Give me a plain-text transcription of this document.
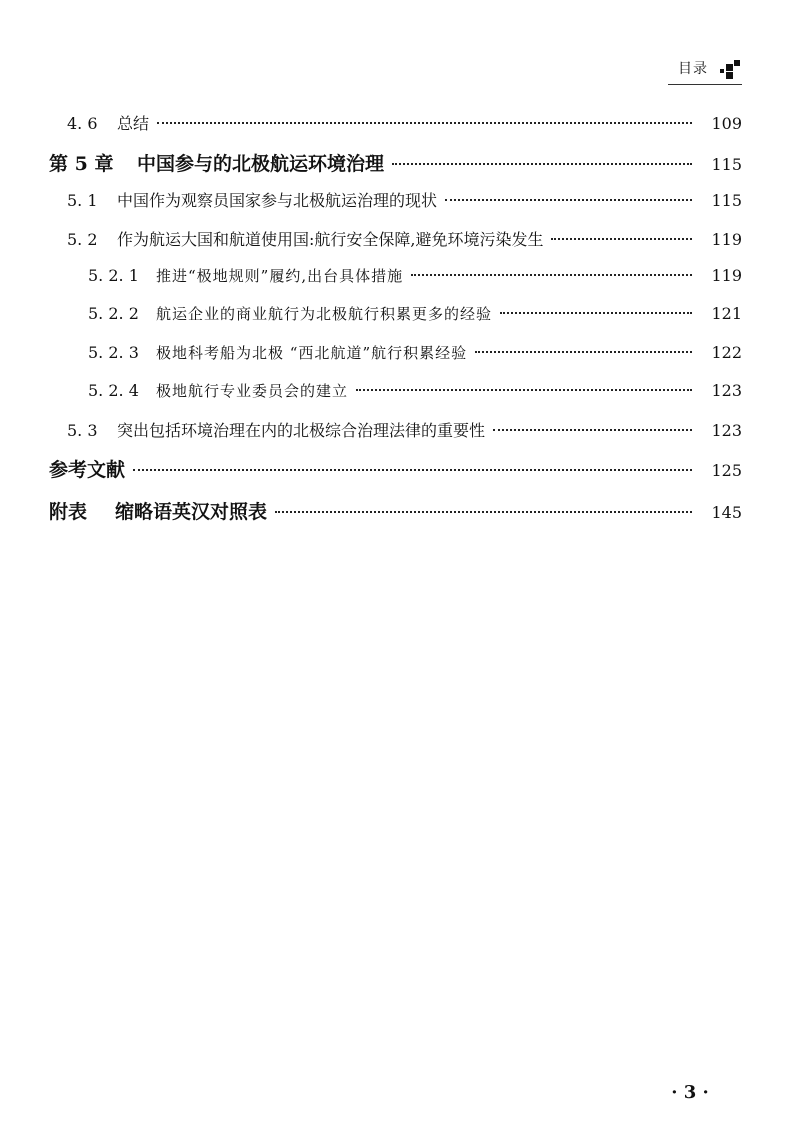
目录
4. 6	总结	109
第 5 章	中国参与的北极航运环境治理	115
5. 1	中国作为观察员国家参与北极航运治理的现状	115
5. 2	作为航运大国和航道使用国:航行安全保障,避免环境污染发生	119
5. 2. 1	推进“极地规则”履约,出台具体措施	119
5. 2. 2	航运企业的商业航行为北极航行积累更多的经验	121
5. 2. 3	极地科考船为北极 “西北航道”航行积累经验	122
5. 2. 4	极地航行专业委员会的建立	123
5. 3	突出包括环境治理在内的北极综合治理法律的重要性	123
参考文献	125
附表	缩略语英汉对照表	145
· 3 ·
